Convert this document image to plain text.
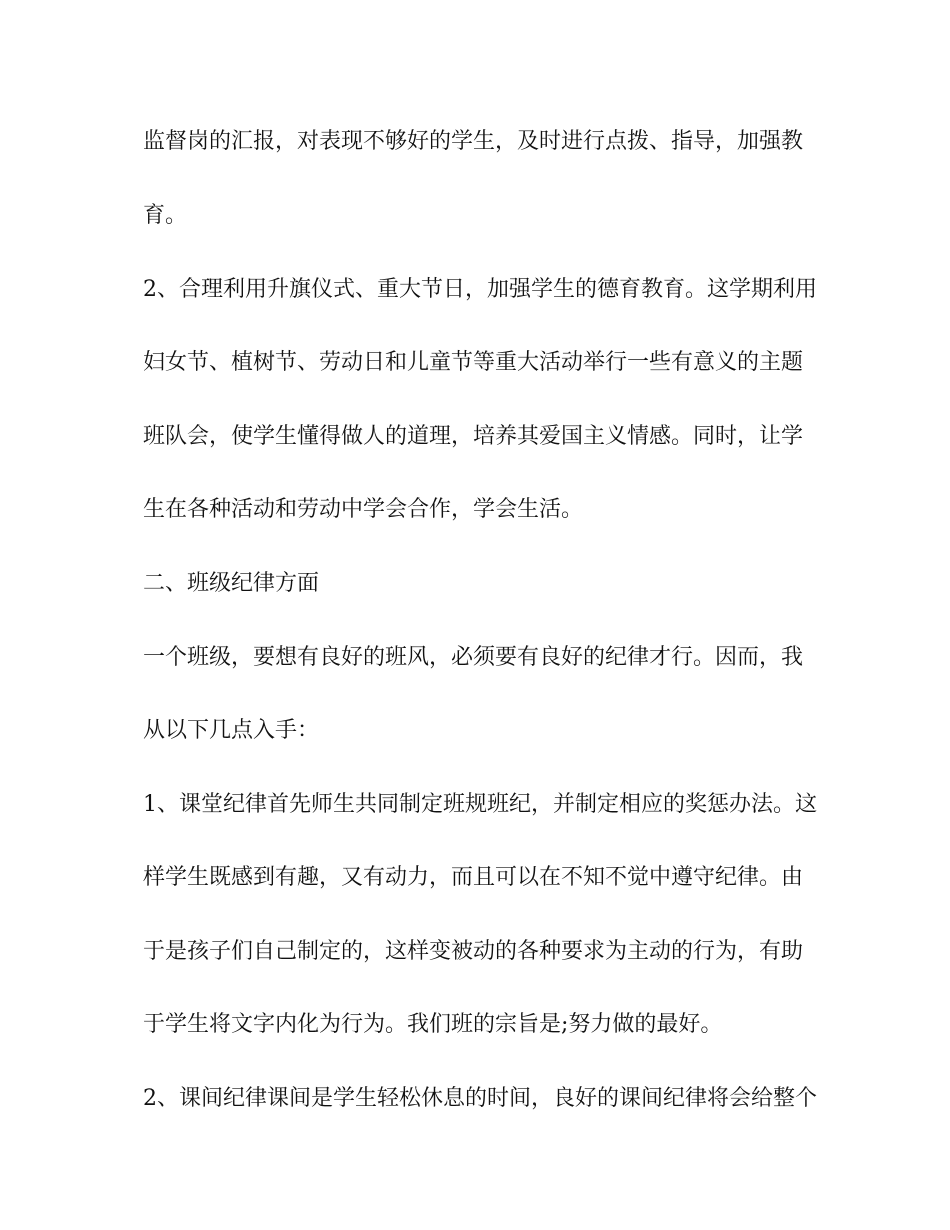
监督岗的汇报，对表现不够好的学生，及时进行点拨、指导，加强教
育。
2、合理利用升旗仪式、重大节日，加强学生的德育教育。这学期利用
妇女节、植树节、劳动日和儿童节等重大活动举行一些有意义的主题
班队会，使学生懂得做人的道理，培养其爱国主义情感。同时，让学
生在各种活动和劳动中学会合作，学会生活。
二、班级纪律方面
一个班级，要想有良好的班风，必须要有良好的纪律才行。因而，我
从以下几点入手：
1、课堂纪律首先师生共同制定班规班纪，并制定相应的奖惩办法。这
样学生既感到有趣，又有动力，而且可以在不知不觉中遵守纪律。由
于是孩子们自己制定的，这样变被动的各种要求为主动的行为，有助
于学生将文字内化为行为。我们班的宗旨是;努力做的最好。
2、课间纪律课间是学生轻松休息的时间，良好的课间纪律将会给整个
